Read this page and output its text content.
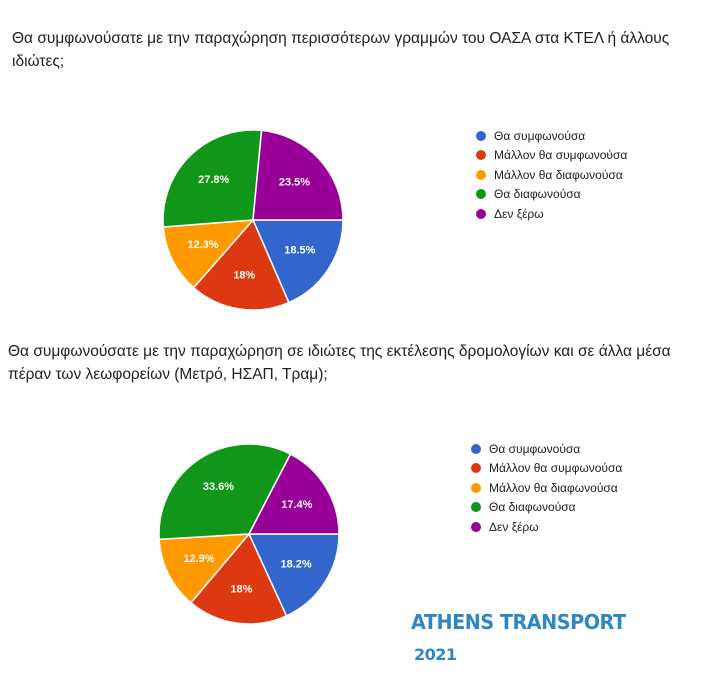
Θα συμφωνούσατε με την παραχώρηση περισσότερων γραμμών του ΟΑΣΑ στα ΚΤΕΛ ή άλλους ιδιώτες;

18.5%
18%
12.3%
27.8%	23.5%
Θα συμφωνούσα
Μάλλον θα συμφωνούσα
Μάλλον θα διαφωνούσα
Θα διαφωνούσα
Δεν ξέρω

Θα συμφωνούσατε με την παραχώρηση σε ιδιώτες της εκτέλεσης δρομολογίων και σε άλλα μέσα πέραν των λεωφορείων (Μετρό, ΗΣΑΠ, Τραμ);

18.2%
18%
12.9%
33.6%
17.4%
Θα συμφωνούσα
Μάλλον θα συμφωνούσα
Μάλλον θα διαφωνούσα
Θα διαφωνούσα
Δεν ξέρω
ATHENS TRANSPORT
2021
